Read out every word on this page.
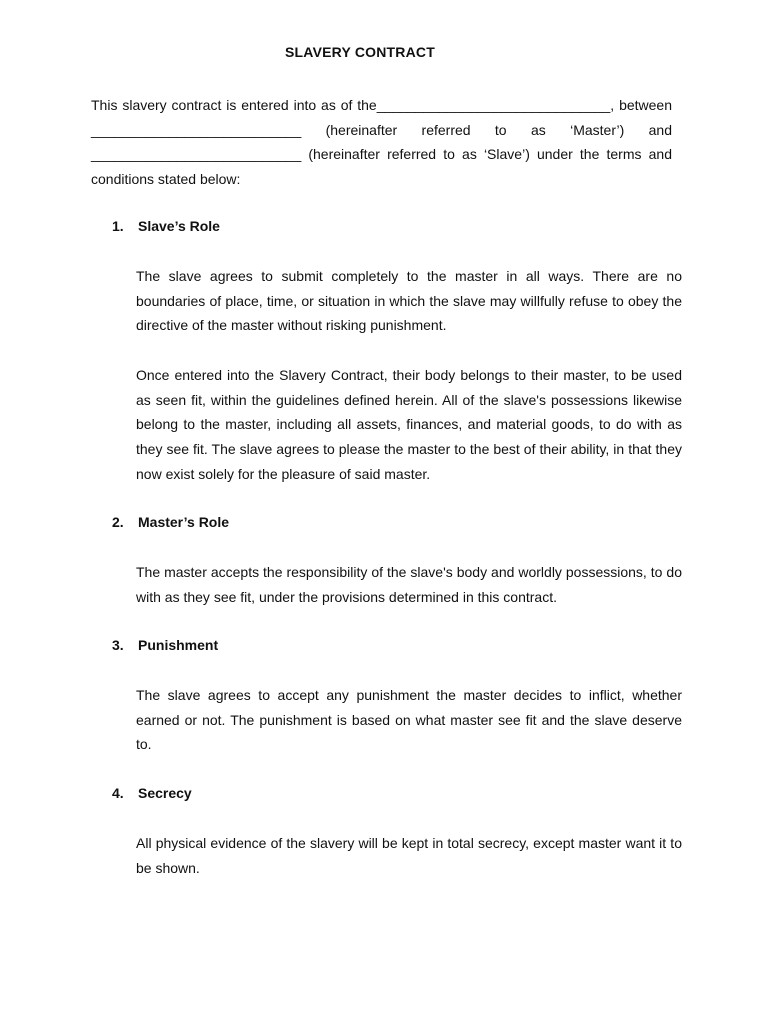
SLAVERY CONTRACT
This slavery contract is entered into as of the______________________________, between ___________________________ (hereinafter referred to as ‘Master’) and ___________________________ (hereinafter referred to as ‘Slave’) under the terms and conditions stated below:
1.	Slave’s Role
The slave agrees to submit completely to the master in all ways. There are no boundaries of place, time, or situation in which the slave may willfully refuse to obey the directive of the master without risking punishment.
Once entered into the Slavery Contract, their body belongs to their master, to be used as seen fit, within the guidelines defined herein. All of the slave's possessions likewise belong to the master, including all assets, finances, and material goods, to do with as they see fit. The slave agrees to please the master to the best of their ability, in that they now exist solely for the pleasure of said master.
2.	Master’s Role
The master accepts the responsibility of the slave's body and worldly possessions, to do with as they see fit, under the provisions determined in this contract.
3.	Punishment
The slave agrees to accept any punishment the master decides to inflict, whether earned or not. The punishment is based on what master see fit and the slave deserve to.
4.	Secrecy
All physical evidence of the slavery will be kept in total secrecy, except master want it to be shown.
